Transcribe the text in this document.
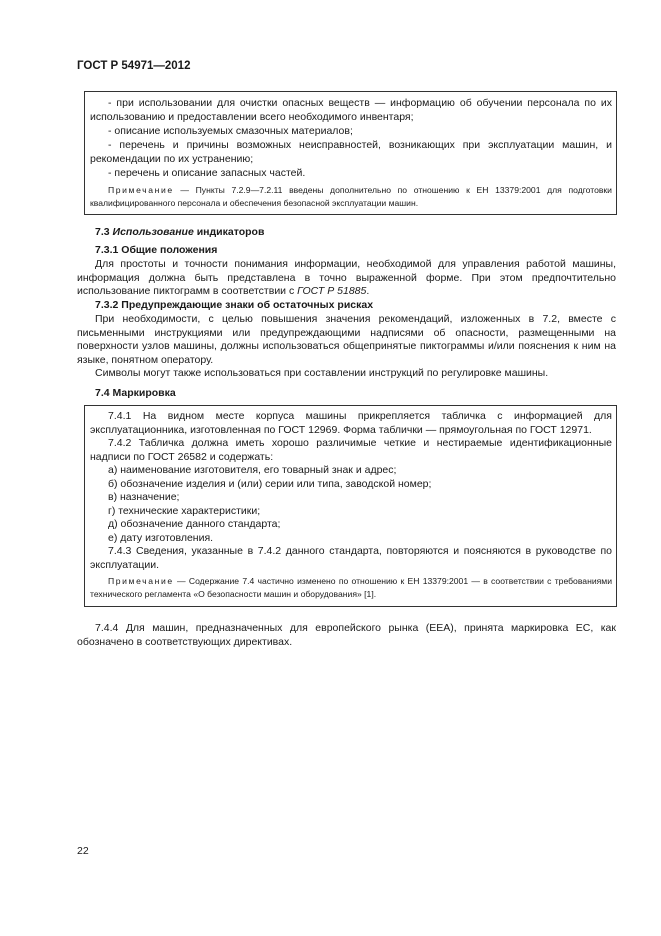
ГОСТ Р 54971—2012

- при использовании для очистки опасных веществ — информацию об обучении персонала по их использованию и предоставлении всего необходимого инвентаря;

- описание используемых смазочных материалов;

- перечень и причины возможных неисправностей, возникающих при эксплуатации машин, и рекомендации по их устранению;

- перечень и описание запасных частей.

Примечание — Пункты 7.2.9—7.2.11 введены дополнительно по отношению к ЕН 13379:2001 для подготовки квалифицированного персонала и обеспечения безопасной эксплуатации машин.

7.3 Использование индикаторов

7.3.1 Общие положения

Для простоты и точности понимания информации, необходимой для управления работой машины, информация должна быть представлена в точно выраженной форме. При этом предпочтительно использование пиктограмм в соответствии с ГОСТ Р 51885.

7.3.2 Предупреждающие знаки об остаточных рисках

При необходимости, с целью повышения значения рекомендаций, изложенных в 7.2, вместе с письменными инструкциями или предупреждающими надписями об опасности, размещенными на поверхности узлов машины, должны использоваться общепринятые пиктограммы и/или пояснения к ним на языке, понятном оператору.

Символы могут также использоваться при составлении инструкций по регулировке машины.

7.4 Маркировка

7.4.1 На видном месте корпуса машины прикрепляется табличка с информацией для эксплуатационника, изготовленная по ГОСТ 12969. Форма таблички — прямоугольная по ГОСТ 12971.

7.4.2 Табличка должна иметь хорошо различимые четкие и нестираемые идентификационные надписи по ГОСТ 26582 и содержать:

а) наименование изготовителя, его товарный знак и адрес;

б) обозначение изделия и (или) серии или типа, заводской номер;

в) назначение;

г) технические характеристики;

д) обозначение данного стандарта;

е) дату изготовления.

7.4.3 Сведения, указанные в 7.4.2 данного стандарта, повторяются и поясняются в руководстве по эксплуатации.

Примечание — Содержание 7.4 частично изменено по отношению к ЕН 13379:2001 — в соответствии с требованиями технического регламента «О безопасности машин и оборудования» [1].

7.4.4 Для машин, предназначенных для европейского рынка (ЕЕА), принята маркировка ЕС, как обозначено в соответствующих директивах.

22
